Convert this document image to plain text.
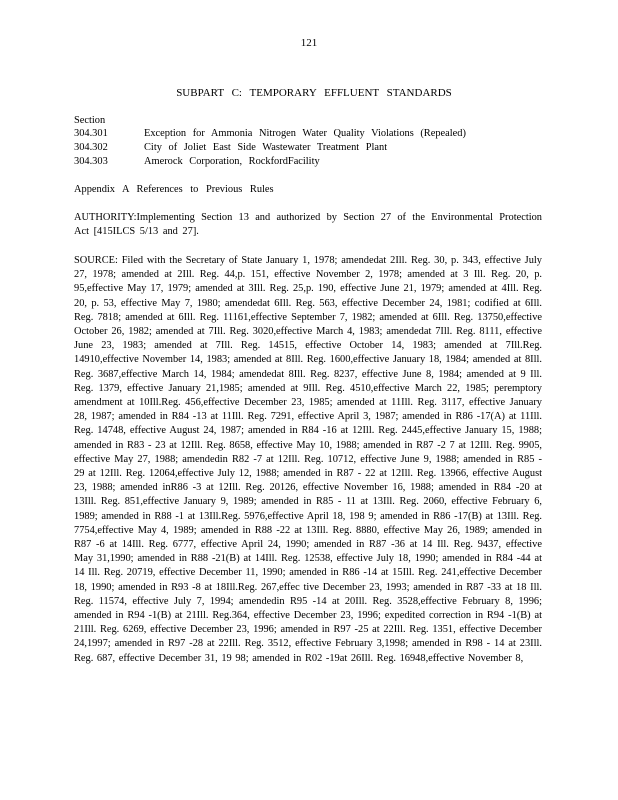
121
SUBPART C: TEMPORARY EFFLUENT STANDARDS
Section
304.301	Exception for Ammonia Nitrogen Water Quality Violations (Repealed)
304.302	City of Joliet East Side Wastewater Treatment Plant
304.303	Amerock Corporation, RockfordFacility
Appendix A References to Previous Rules
AUTHORITY:Implementing Section 13 and authorized by Section 27 of the Environmental Protection Act [415ILCS 5/13 and 27].

SOURCE: Filed with the Secretary of State January 1, 1978; amendedat 2Ill. Reg. 30, p. 343, effective July 27, 1978; amended at 2Ill. Reg. 44,p. 151, effective November 2, 1978; amended at 3 Ill. Reg. 20, p. 95,effective May 17, 1979; amended at 3Ill. Reg. 25,p. 190, effective June 21, 1979; amended at 4Ill. Reg. 20, p. 53, effective May 7, 1980; amendedat 6Ill. Reg. 563, effective December 24, 1981; codified at 6Ill. Reg. 7818; amended at 6Ill. Reg. 11161,effective September 7, 1982; amended at 6Ill. Reg. 13750,effective October 26, 1982; amended at 7Ill. Reg. 3020,effective March 4, 1983; amendedat 7Ill. Reg. 8111, effective June 23, 1983; amended at 7Ill. Reg. 14515, effective October 14, 1983; amended at 7Ill.Reg. 14910,effective November 14, 1983; amended at 8Ill. Reg. 1600,effective January 18, 1984; amended at 8Ill. Reg. 3687,effective March 14, 1984; amendedat 8Ill. Reg. 8237, effective June 8, 1984; amended at 9 Ill. Reg. 1379, effective January 21,1985; amended at 9Ill. Reg. 4510,effective March 22, 1985; peremptory amendment at 10Ill.Reg. 456,effective December 23, 1985; amended at 11Ill. Reg. 3117, effective January 28, 1987; amended in R84 -13 at 11Ill. Reg. 7291, effective April 3, 1987; amended in R86 -17(A) at 11Ill. Reg. 14748, effective August 24, 1987; amended in R84 -16 at 12Ill. Reg. 2445,effective January 15, 1988; amended in R83 - 23 at 12Ill. Reg. 8658, effective May 10, 1988; amended in R87 -2 7 at 12Ill. Reg. 9905, effective May 27, 1988; amendedin R82 -7 at 12Ill. Reg. 10712, effective June 9, 1988; amended in R85 - 29 at 12Ill. Reg. 12064,effective July 12, 1988; amended in R87 - 22 at 12Ill. Reg. 13966, effective August 23, 1988; amended inR86 -3 at 12Ill. Reg. 20126, effective November 16, 1988; amended in R84 -20 at 13Ill. Reg. 851,effective January 9, 1989; amended in R85 - 11 at 13Ill. Reg. 2060, effective February 6, 1989; amended in R88 -1 at 13Ill.Reg. 5976,effective April 18, 198 9; amended in R86 -17(B) at 13Ill. Reg. 7754,effective May 4, 1989; amended in R88 -22 at 13Ill. Reg. 8880, effective May 26, 1989; amended in R87 -6 at 14Ill. Reg. 6777, effective April 24, 1990; amended in R87 -36 at 14 Ill. Reg. 9437, effective May 31,1990; amended in R88 -21(B) at 14Ill. Reg. 12538, effective July 18, 1990; amended in R84 -44 at 14 Ill. Reg. 20719, effective December 11, 1990; amended in R86 -14 at 15Ill. Reg. 241,effective December 18, 1990; amended in R93 -8 at 18Ill.Reg. 267,effec tive December 23, 1993; amended in R87 -33 at 18 Ill. Reg. 11574, effective July 7, 1994; amendedin R95 -14 at 20Ill. Reg. 3528,effective February 8, 1996; amended in R94 -1(B) at 21Ill. Reg.364, effective December 23, 1996; expedited correction in R94 -1(B) at 21Ill. Reg. 6269, effective December 23, 1996; amended in R97 -25 at 22Ill. Reg. 1351, effective December 24,1997; amended in R97 -28 at 22Ill. Reg. 3512, effective February 3,1998; amended in R98 - 14 at 23Ill. Reg. 687, effective December 31, 19 98; amended in R02 -19at 26Ill. Reg. 16948,effective November 8,
